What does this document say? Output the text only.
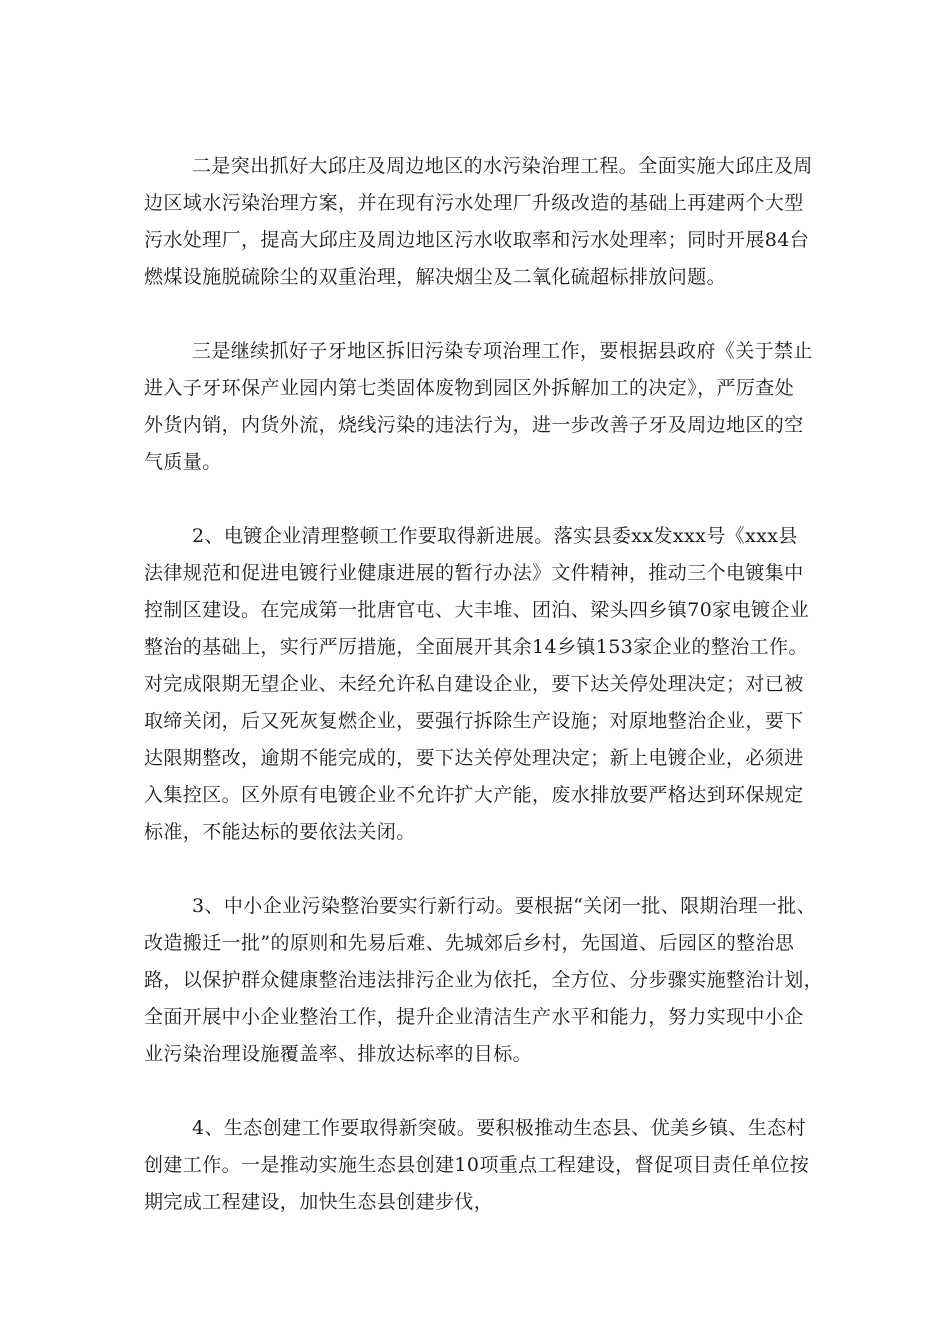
二是突出抓好大邱庄及周边地区的水污染治理工程。全面实施大邱庄及周
边区域水污染治理方案，并在现有污水处理厂升级改造的基础上再建两个大型
污水处理厂，提高大邱庄及周边地区污水收取率和污水处理率；同时开展84台
燃煤设施脱硫除尘的双重治理，解决烟尘及二氧化硫超标排放问题。

三是继续抓好子牙地区拆旧污染专项治理工作，要根据县政府《关于禁止
进入子牙环保产业园内第七类固体废物到园区外拆解加工的决定》，严厉查处
外货内销，内货外流，烧线污染的违法行为，进一步改善子牙及周边地区的空
气质量。

2、电镀企业清理整顿工作要取得新进展。落实县委xx发xxx号《xxx县
法律规范和促进电镀行业健康进展的暂行办法》文件精神，推动三个电镀集中
控制区建设。在完成第一批唐官屯、大丰堆、团泊、梁头四乡镇70家电镀企业
整治的基础上，实行严厉措施，全面展开其余14乡镇153家企业的整治工作。
对完成限期无望企业、未经允许私自建设企业，要下达关停处理决定；对已被
取缔关闭，后又死灰复燃企业，要强行拆除生产设施；对原地整治企业，要下
达限期整改，逾期不能完成的，要下达关停处理决定；新上电镀企业，必须进
入集控区。区外原有电镀企业不允许扩大产能，废水排放要严格达到环保规定
标准，不能达标的要依法关闭。

3、中小企业污染整治要实行新行动。要根据“关闭一批、限期治理一批、
改造搬迁一批”的原则和先易后难、先城郊后乡村，先国道、后园区的整治思
路，以保护群众健康整治违法排污企业为依托，全方位、分步骤实施整治计划，
全面开展中小企业整治工作，提升企业清洁生产水平和能力，努力实现中小企
业污染治理设施覆盖率、排放达标率的目标。

4、生态创建工作要取得新突破。要积极推动生态县、优美乡镇、生态村
创建工作。一是推动实施生态县创建10项重点工程建设，督促项目责任单位按
期完成工程建设，加快生态县创建步伐，
